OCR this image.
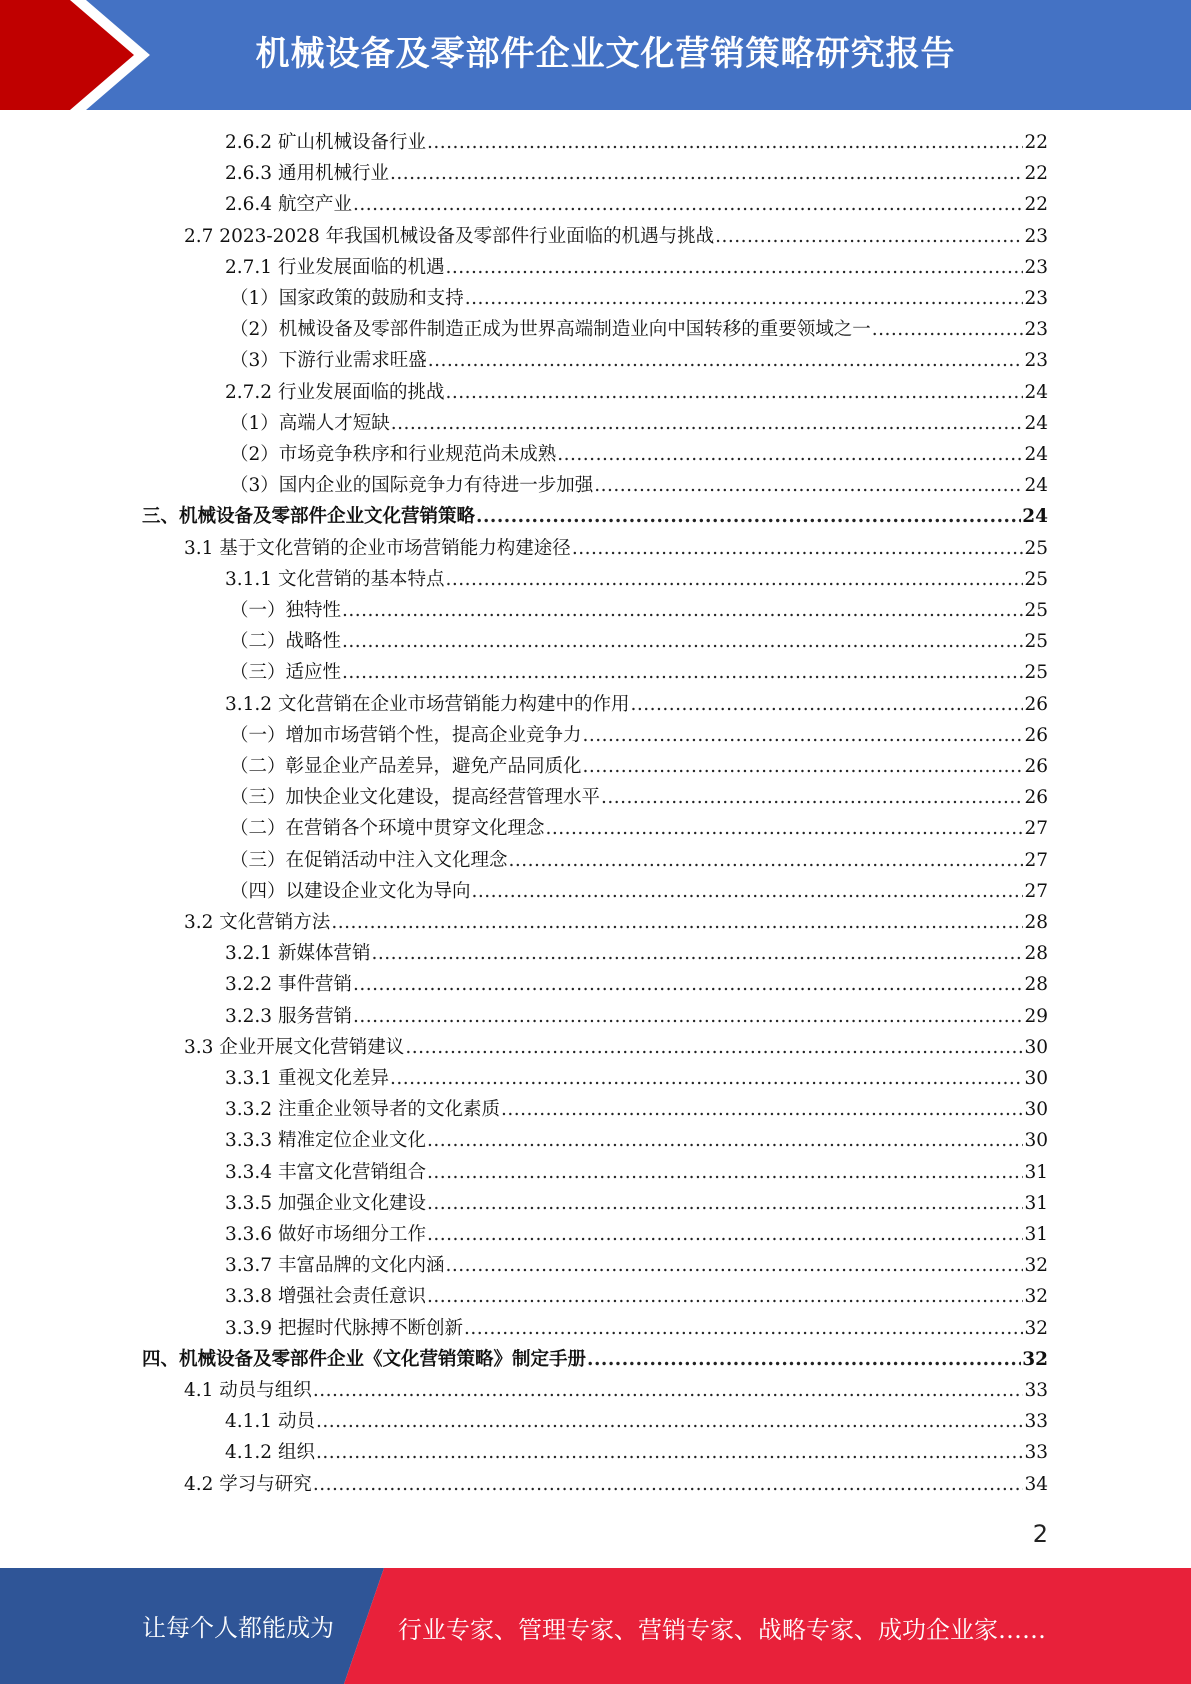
机械设备及零部件企业文化营销策略研究报告
2.6.2 矿山机械设备行业 .....	22
2.6.3 通用机械行业 .....	22
2.6.4 航空产业 .....	22
2.7 2023-2028 年我国机械设备及零部件行业面临的机遇与挑战 .....	23
2.7.1 行业发展面临的机遇 .....	23
（1）国家政策的鼓励和支持 .....	23
（2）机械设备及零部件制造正成为世界高端制造业向中国转移的重要领域之一 .....	23
（3）下游行业需求旺盛 .....	23
2.7.2 行业发展面临的挑战 .....	24
（1）高端人才短缺 .....	24
（2）市场竞争秩序和行业规范尚未成熟 .....	24
（3）国内企业的国际竞争力有待进一步加强 .....	24
三、机械设备及零部件企业文化营销策略 .....	24
3.1 基于文化营销的企业市场营销能力构建途径 .....	25
3.1.1 文化营销的基本特点 .....	25
（一）独特性 .....	25
（二）战略性 .....	25
（三）适应性 .....	25
3.1.2 文化营销在企业市场营销能力构建中的作用 .....	26
（一）增加市场营销个性，提高企业竞争力 .....	26
（二）彰显企业产品差异，避免产品同质化 .....	26
（三）加快企业文化建设，提高经营管理水平 .....	26
（二）在营销各个环境中贯穿文化理念 .....	27
（三）在促销活动中注入文化理念 .....	27
（四）以建设企业文化为导向 .....	27
3.2 文化营销方法 .....	28
3.2.1 新媒体营销 .....	28
3.2.2 事件营销 .....	28
3.2.3 服务营销 .....	29
3.3 企业开展文化营销建议 .....	30
3.3.1 重视文化差异 .....	30
3.3.2 注重企业领导者的文化素质 .....	30
3.3.3 精准定位企业文化 .....	30
3.3.4 丰富文化营销组合 .....	31
3.3.5 加强企业文化建设 .....	31
3.3.6 做好市场细分工作 .....	31
3.3.7 丰富品牌的文化内涵 .....	32
3.3.8 增强社会责任意识 .....	32
3.3.9 把握时代脉搏不断创新 .....	32
四、机械设备及零部件企业《文化营销策略》制定手册 .....	32
4.1 动员与组织 .....	33
4.1.1 动员 .....	33
4.1.2 组织 .....	33
4.2 学习与研究 .....	34
2
让每个人都能成为	行业专家、管理专家、营销专家、战略专家、成功企业家……
